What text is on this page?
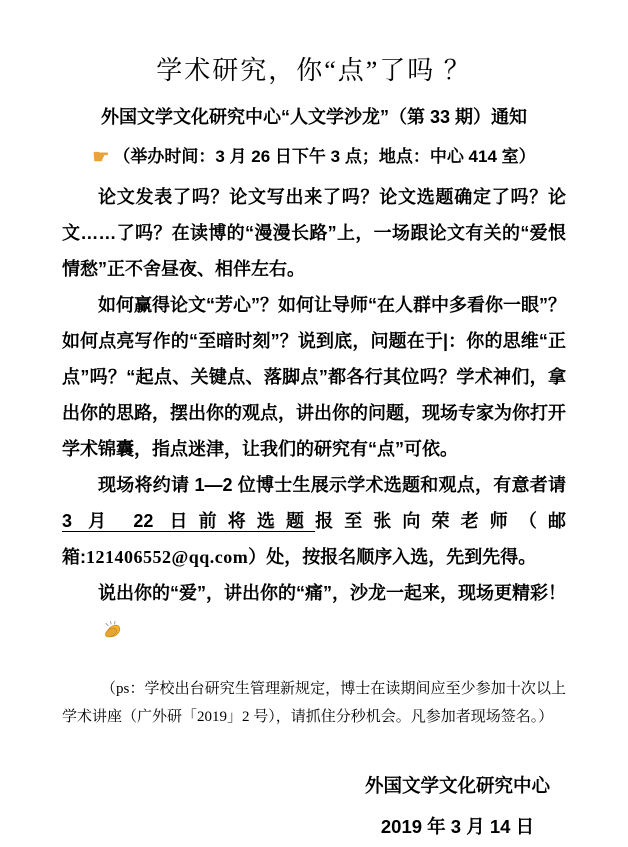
学术研究，你“点”了吗 ？
外国文学文化研究中心“人文学沙龙”（第 33 期）通知
☛ （举办时间：3 月 26 日下午 3 点；地点：中心 414 室）

论文发表了吗？论文写出来了吗？论文选题确定了吗？论文……了吗？在读博的“漫漫长路”上，一场跟论文有关的“爱恨情愁”正不舍昼夜、相伴左右。

如何赢得论文“芳心”？如何让导师“在人群中多看你一眼”？如何点亮写作的“至暗时刻”？说到底，问题在于|：你的思维“正点”吗？“起点、关键点、落脚点”都各行其位吗？学术神们，拿出你的思路，摆出你的观点，讲出你的问题，现场专家为你打开学术锦囊，指点迷津，让我们的研究有“点”可依。

现场将约请 1—2 位博士生展示学术选题和观点，有意者请 3 月 22 日前将选题报至张向荣老师（邮箱:121406552@qq.com）处，按报名顺序入选，先到先得。

说出你的“爱”，讲出你的“痛”，沙龙一起来，现场更精彩！

（ps：学校出台研究生管理新规定，博士在读期间应至少参加十次以上学术讲座（广外研「2019」2 号），请抓住分秒机会。凡参加者现场签名。）

外国文学文化研究中心
2019 年 3 月 14 日
